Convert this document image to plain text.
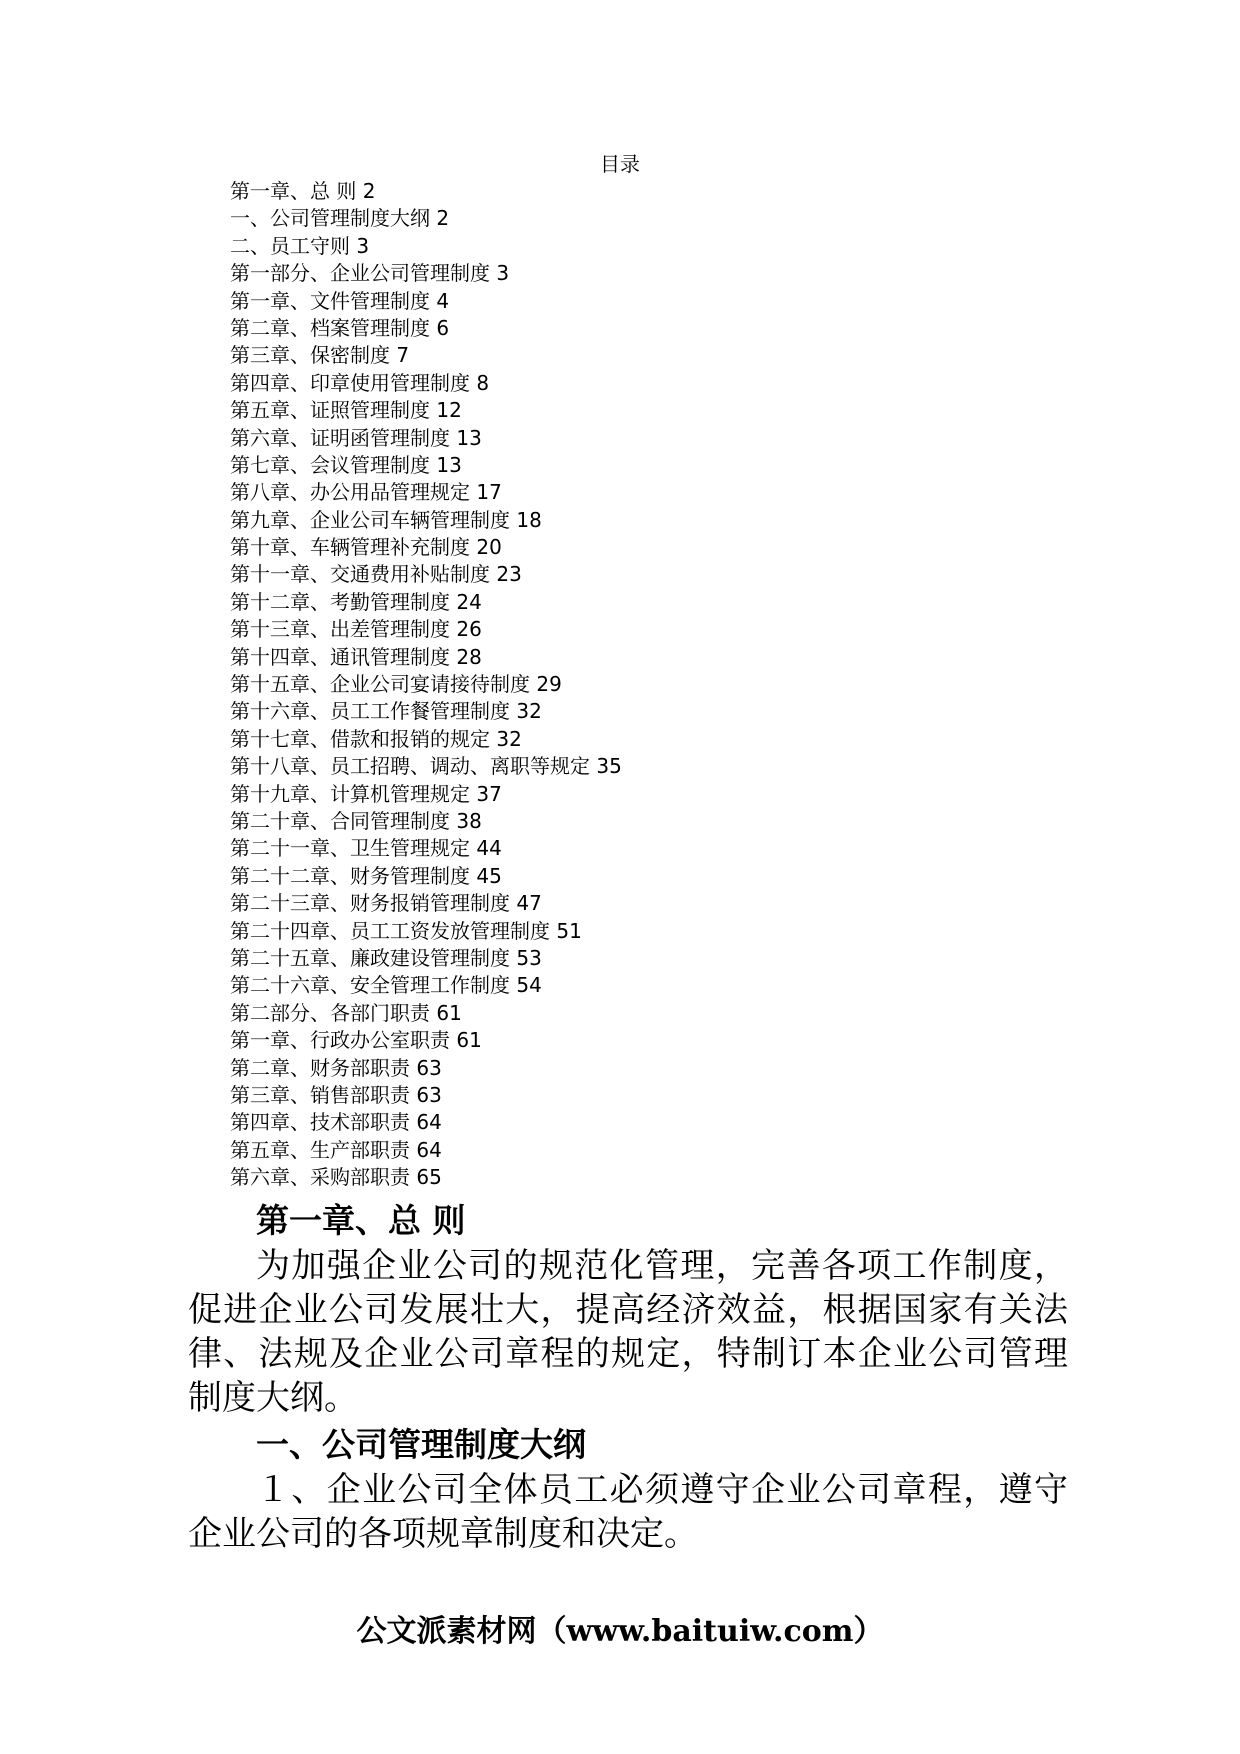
目录
第一章、总 则 2
一、公司管理制度大纲 2
二、员工守则 3
第一部分、企业公司管理制度 3
第一章、文件管理制度 4
第二章、档案管理制度 6
第三章、保密制度 7
第四章、印章使用管理制度 8
第五章、证照管理制度 12
第六章、证明函管理制度 13
第七章、会议管理制度 13
第八章、办公用品管理规定 17
第九章、企业公司车辆管理制度 18
第十章、车辆管理补充制度 20
第十一章、交通费用补贴制度 23
第十二章、考勤管理制度 24
第十三章、出差管理制度 26
第十四章、通讯管理制度 28
第十五章、企业公司宴请接待制度 29
第十六章、员工工作餐管理制度 32
第十七章、借款和报销的规定 32
第十八章、员工招聘、调动、离职等规定 35
第十九章、计算机管理规定 37
第二十章、合同管理制度 38
第二十一章、卫生管理规定 44
第二十二章、财务管理制度 45
第二十三章、财务报销管理制度 47
第二十四章、员工工资发放管理制度 51
第二十五章、廉政建设管理制度 53
第二十六章、安全管理工作制度 54
第二部分、各部门职责 61
第一章、行政办公室职责 61
第二章、财务部职责 63
第三章、销售部职责 63
第四章、技术部职责 64
第五章、生产部职责 64
第六章、采购部职责 65
第一章、总 则

为加强企业公司的规范化管理，完善各项工作制度，促进企业公司发展壮大，提高经济效益，根据国家有关法律、法规及企业公司章程的规定，特制订本企业公司管理制度大纲。

一、公司管理制度大纲

１、企业公司全体员工必须遵守企业公司章程，遵守企业公司的各项规章制度和决定。

公文派素材网（www.baituiw.com）
